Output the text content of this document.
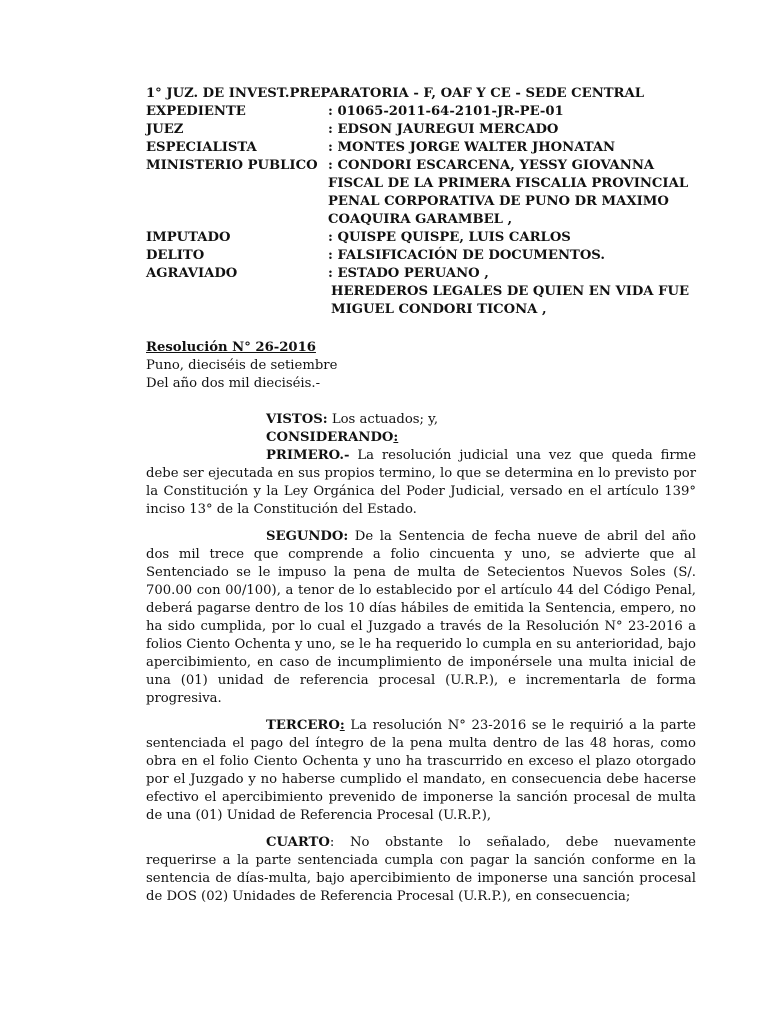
1° JUZ. DE INVEST.PREPARATORIA - F, OAF Y CE - SEDE CENTRAL
EXPEDIENTE	: 01065-2011-64-2101-JR-PE-01
JUEZ	: EDSON JAUREGUI MERCADO
ESPECIALISTA	: MONTES JORGE WALTER JHONATAN
MINISTERIO PUBLICO : CONDORI ESCARCENA, YESSY GIOVANNA
FISCAL DE LA PRIMERA FISCALIA PROVINCIAL
PENAL CORPORATIVA DE PUNO DR MAXIMO
COAQUIRA GARAMBEL ,
IMPUTADO	: QUISPE QUISPE, LUIS CARLOS
DELITO	: FALSIFICACIÓN DE DOCUMENTOS.
AGRAVIADO	: ESTADO PERUANO ,
HEREDEROS LEGALES DE QUIEN EN VIDA FUE
MIGUEL CONDORI TICONA ,
Resolución N° 26-2016
Puno, dieciséis de setiembre
Del año dos mil dieciséis.-
VISTOS: Los actuados; y,
CONSIDERANDO:

PRIMERO.- La resolución judicial una vez que queda firme debe ser ejecutada en sus propios termino, lo que se determina en lo previsto por la Constitución y la Ley Orgánica del Poder Judicial, versado en el artículo 139° inciso 13° de la Constitución del Estado.

SEGUNDO: De la Sentencia de fecha nueve de abril del año dos mil trece que comprende a folio cincuenta y uno, se advierte que al Sentenciado se le impuso la pena de multa de Setecientos Nuevos Soles (S/. 700.00 con 00/100), a tenor de lo establecido por el artículo 44 del Código Penal, deberá pagarse dentro de los 10 días hábiles de emitida la Sentencia, empero, no ha sido cumplida, por lo cual el Juzgado a través de la Resolución N° 23-2016 a folios Ciento Ochenta y uno, se le ha requerido lo cumpla en su anterioridad, bajo apercibimiento, en caso de incumplimiento de imponérsele una multa inicial de una (01) unidad de referencia procesal (U.R.P.), e incrementarla de forma progresiva.

TERCERO: La resolución N° 23-2016 se le requirió a la parte sentenciada el pago del íntegro de la pena multa dentro de las 48 horas, como obra en el folio Ciento Ochenta y uno ha trascurrido en exceso el plazo otorgado por el Juzgado y no haberse cumplido el mandato, en consecuencia debe hacerse efectivo el apercibimiento prevenido de imponerse la sanción procesal de multa de una (01) Unidad de Referencia Procesal (U.R.P.),

CUARTO: No obstante lo señalado, debe nuevamente requerirse a la parte sentenciada cumpla con pagar la sanción conforme en la sentencia de días-multa, bajo apercibimiento de imponerse una sanción procesal de DOS (02) Unidades de Referencia Procesal (U.R.P.), en consecuencia;
